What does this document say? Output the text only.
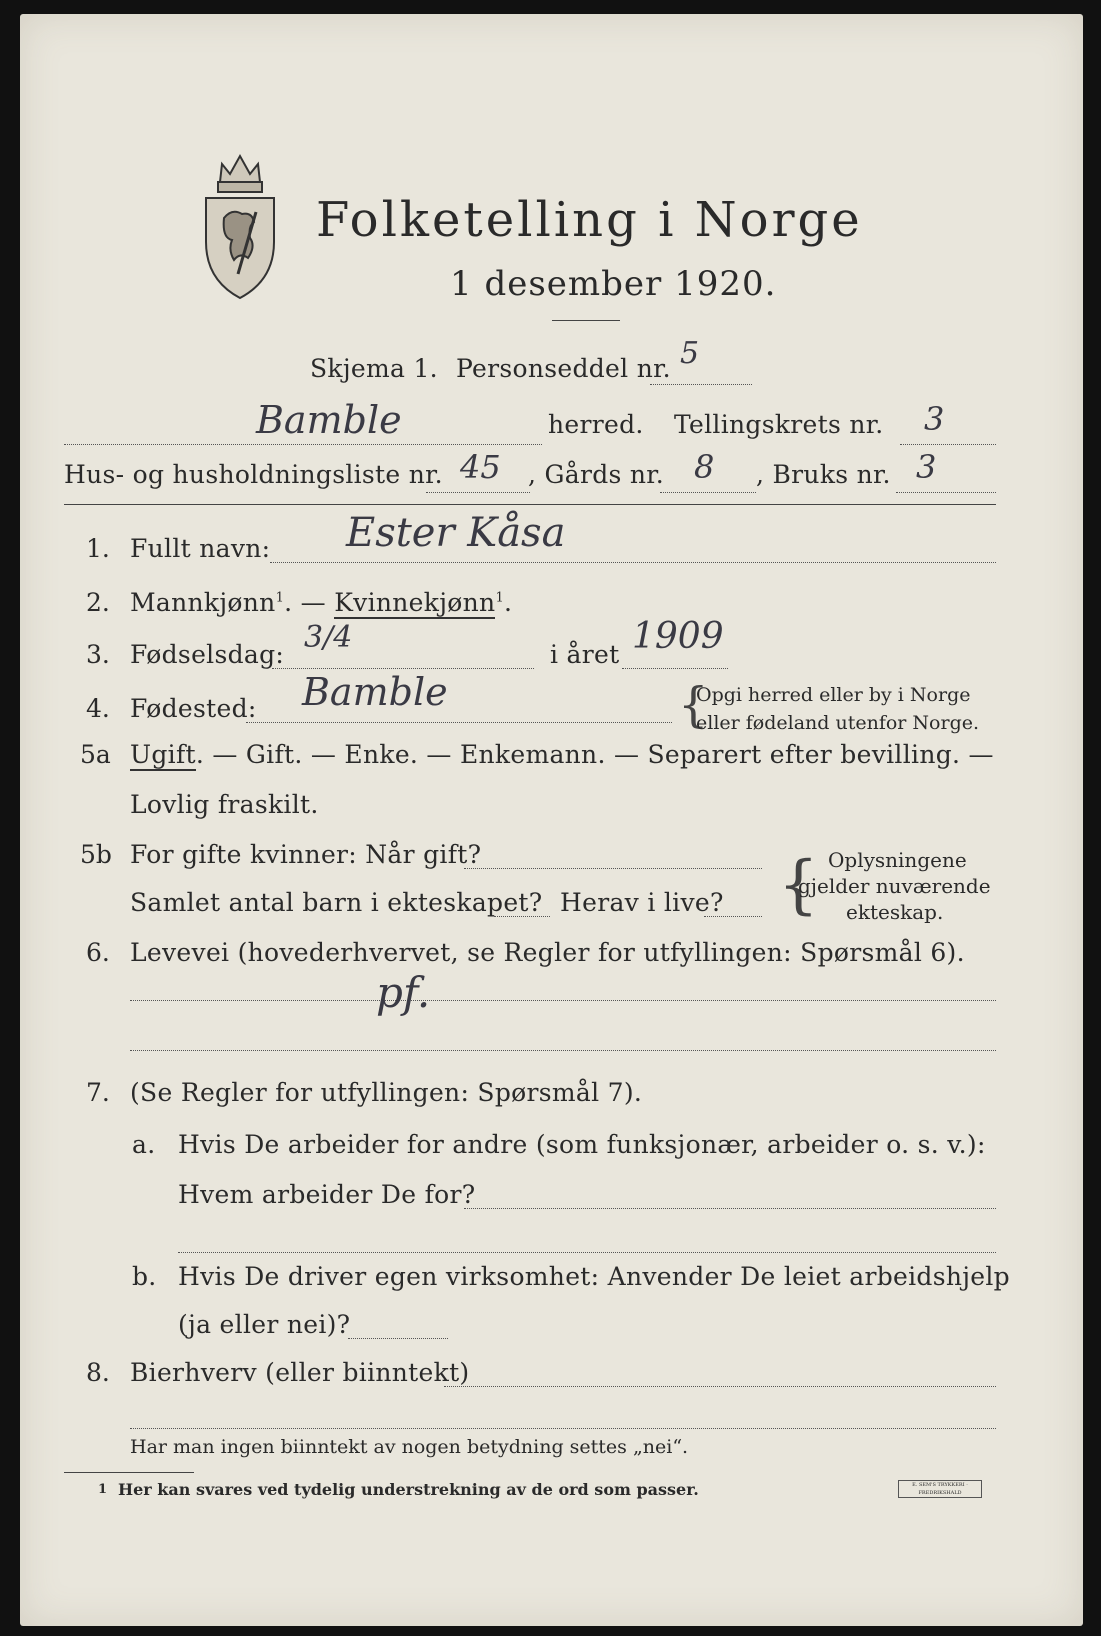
Folketelling i Norge
1 desember 1920.
Skjema 1. Personseddel nr. 5
Bamble	herred. Tellingskrets nr. 3
Hus- og husholdningsliste nr. 45 , Gårds nr. 8 , Bruks nr. 3
1. Fullt navn: Ester Kåsa
2. Mannkjønn$^1$. — Kvinnekjønn$^1$.
3. Fødselsdag: 3/4	i året 1909
4. Fødested: Bamble	{
Opgi herred eller by i Norge
eller fødeland utenfor Norge.
5a Ugift. — Gift. — Enke. — Enkemann. — Separert efter bevilling. —
Lovlig fraskilt.
5b For gifte kvinner: Når gift?
Samlet antal barn i ekteskapet? Herav i live? { Oplysningene
gjelder nuværende
ekteskap.
6. Levevei (hovederhvervet, se Regler for utfyllingen: Spørsmål 6).
pf.
7. (Se Regler for utfyllingen: Spørsmål 7).
a. Hvis De arbeider for andre (som funksjonær, arbeider o. s. v.):
Hvem arbeider De for?
b. Hvis De driver egen virksomhet: Anvender De leiet arbeidshjelp
(ja eller nei)?
8. Bierhverv (eller biinntekt)
Har man ingen biinntekt av nogen betydning settes „nei“.
1 Her kan svares ved tydelig understrekning av de ord som passer.	E. SEM'S TRYKKERI · FREDRIKSHALD
